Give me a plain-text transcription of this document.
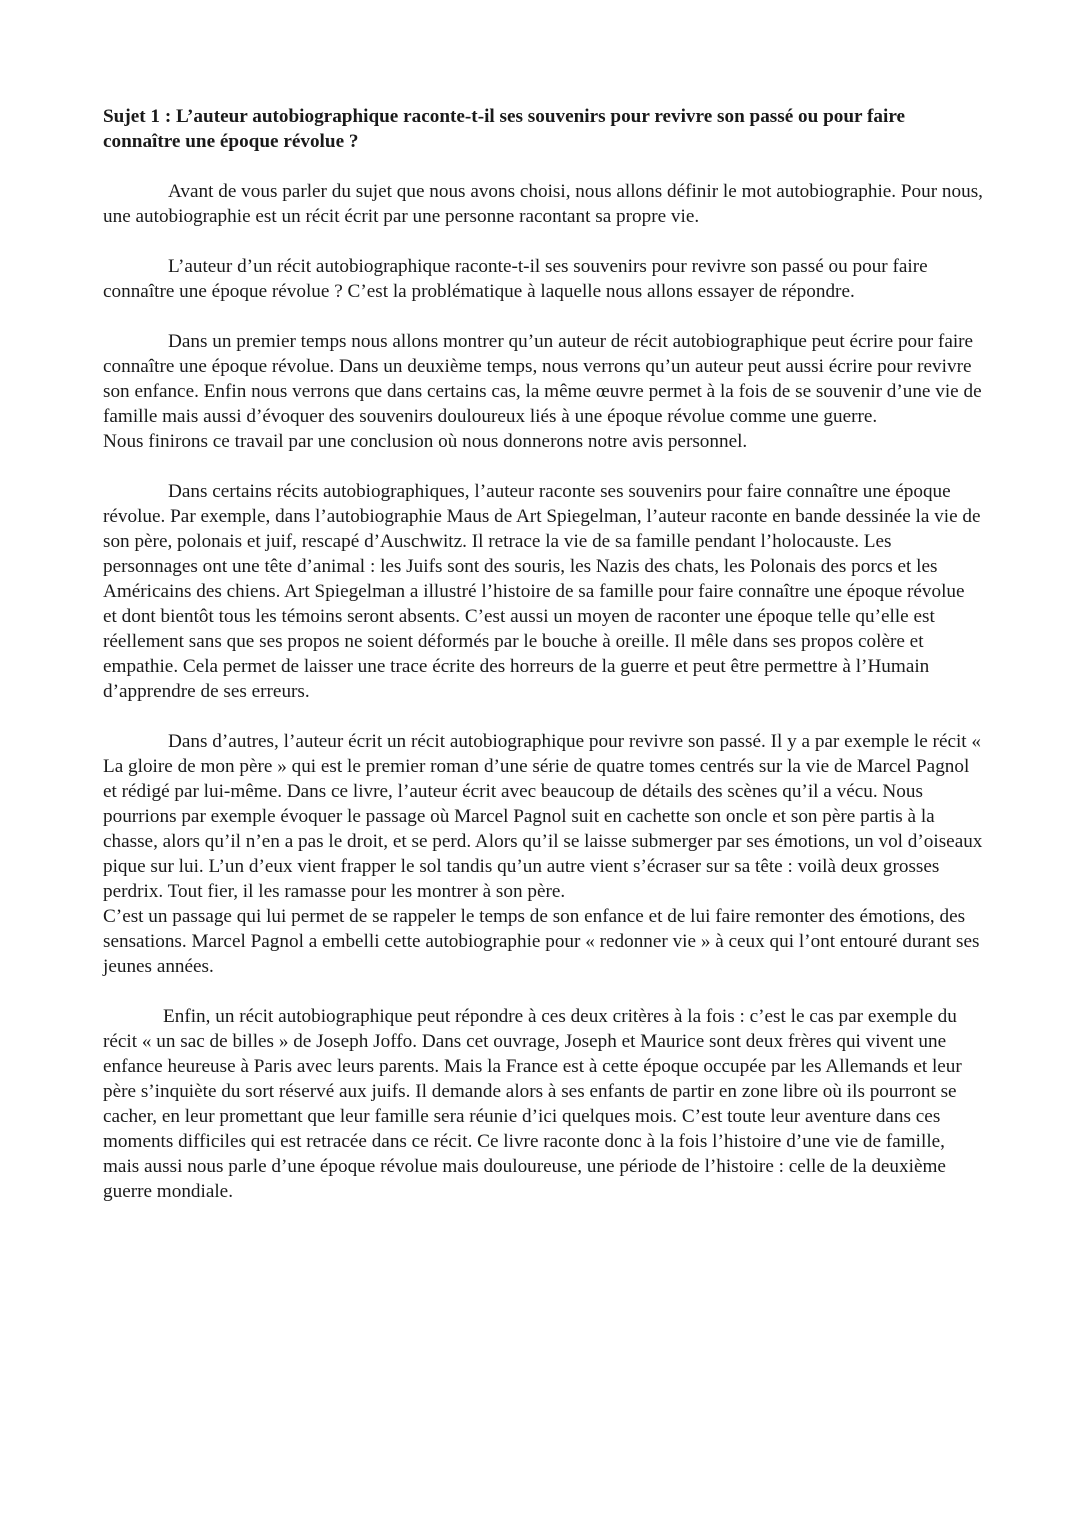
Sujet 1 : L’auteur autobiographique raconte-t-il ses souvenirs pour revivre son passé ou pour faire connaître une époque révolue ?

Avant de vous parler du sujet que nous avons choisi, nous allons définir le mot autobiographie. Pour nous, une autobiographie est un récit écrit par une personne racontant sa propre vie.

L’auteur d’un récit autobiographique raconte-t-il ses souvenirs pour revivre son passé ou pour faire connaître une époque révolue ? C’est la problématique à laquelle nous allons essayer de répondre.

Dans un premier temps nous allons montrer qu’un auteur de récit autobiographique peut écrire pour faire connaître une époque révolue. Dans un deuxième temps, nous verrons qu’un auteur peut aussi écrire pour revivre son enfance. Enfin nous verrons que dans certains cas, la même œuvre permet à la fois de se souvenir d’une vie de famille mais aussi d’évoquer des souvenirs douloureux liés à une époque révolue comme une guerre.

Nous finirons ce travail par une conclusion où nous donnerons notre avis personnel.

Dans certains récits autobiographiques, l’auteur raconte ses souvenirs pour faire connaître une époque révolue. Par exemple, dans l’autobiographie Maus de Art Spiegelman, l’auteur raconte en bande dessinée la vie de son père, polonais et juif, rescapé d’Auschwitz. Il retrace la vie de sa famille pendant l’holocauste. Les personnages ont une tête d’animal : les Juifs sont des souris, les Nazis des chats, les Polonais des porcs et les Américains des chiens. Art Spiegelman a illustré l’histoire de sa famille pour faire connaître une époque révolue et dont bientôt tous les témoins seront absents. C’est aussi un moyen de raconter une époque telle qu’elle est réellement sans que ses propos ne soient déformés par le bouche à oreille. Il mêle dans ses propos colère et empathie. Cela permet de laisser une trace écrite des horreurs de la guerre et peut être permettre à l’Humain d’apprendre de ses erreurs.

Dans d’autres, l’auteur écrit un récit autobiographique pour revivre son passé. Il y a par exemple le récit « La gloire de mon père » qui est le premier roman d’une série de quatre tomes centrés sur la vie de Marcel Pagnol et rédigé par lui-même. Dans ce livre, l’auteur écrit avec beaucoup de détails des scènes qu’il a vécu. Nous pourrions par exemple évoquer le passage où Marcel Pagnol suit en cachette son oncle et son père partis à la chasse, alors qu’il n’en a pas le droit, et se perd. Alors qu’il se laisse submerger par ses émotions, un vol d’oiseaux pique sur lui. L’un d’eux vient frapper le sol tandis qu’un autre vient s’écraser sur sa tête : voilà deux grosses perdrix. Tout fier, il les ramasse pour les montrer à son père.

C’est un passage qui lui permet de se rappeler le temps de son enfance et de lui faire remonter des émotions, des sensations. Marcel Pagnol a embelli cette autobiographie pour « redonner vie » à ceux qui l’ont entouré durant ses jeunes années.

Enfin, un récit autobiographique peut répondre à ces deux critères à la fois : c’est le cas par exemple du récit « un sac de billes » de Joseph Joffo. Dans cet ouvrage, Joseph et Maurice sont deux frères qui vivent une enfance heureuse à Paris avec leurs parents. Mais la France est à cette époque occupée par les Allemands et leur père s’inquiète du sort réservé aux juifs. Il demande alors à ses enfants de partir en zone libre où ils pourront se cacher, en leur promettant que leur famille sera réunie d’ici quelques mois. C’est toute leur aventure dans ces moments difficiles qui est retracée dans ce récit. Ce livre raconte donc à la fois l’histoire d’une vie de famille, mais aussi nous parle d’une époque révolue mais douloureuse, une période de l’histoire : celle de la deuxième guerre mondiale.
